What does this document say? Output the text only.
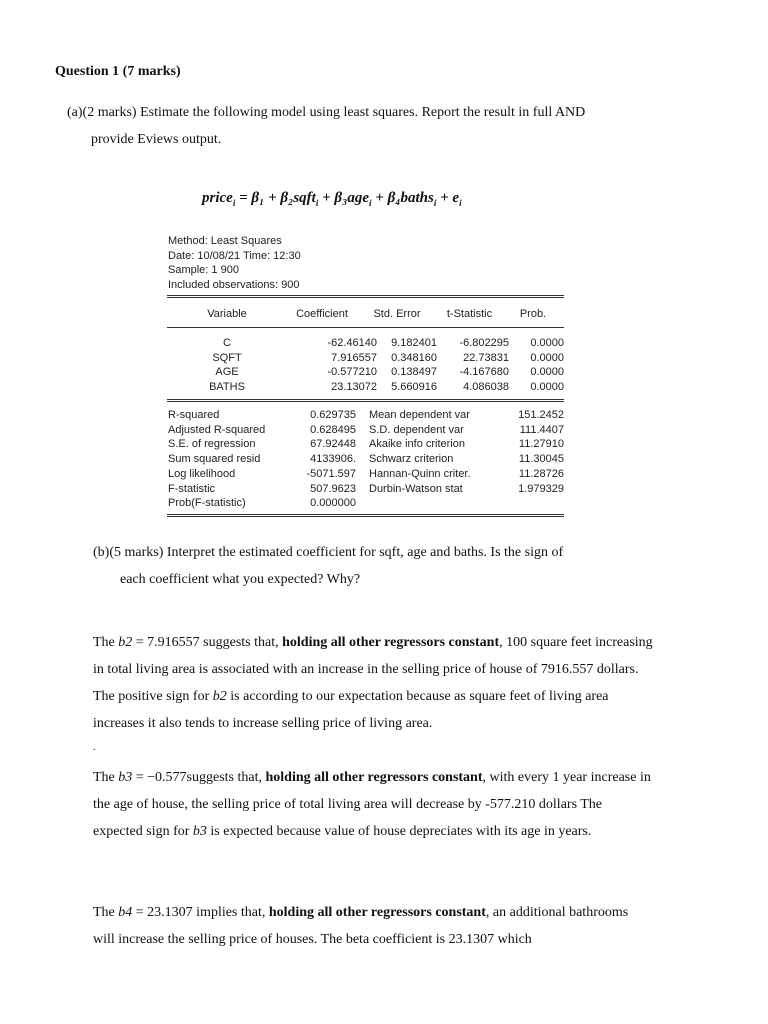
Question 1 (7 marks)
(a)(2 marks) Estimate the following model using least squares. Report the result in full AND
provide Eviews output.
price$_i$ = β₁ + β₂sqft$_i$ + β₃age$_i$ + β₄baths$_i$ + $e_i$
Method: Least Squares
Date: 10/08/21 Time: 12:30
Sample: 1 900
Included observations: 900
Variable	Coefficient	Std. Error	t-Statistic	Prob.
C	-62.46140	9.182401	-6.802295	0.0000
SQFT	7.916557	0.348160	22.73831	0.0000
AGE	-0.577210	0.138497	-4.167680	0.0000
BATHS	23.13072	5.660916	4.086038	0.0000
R-squared	0.629735	Mean dependent var	151.2452
Adjusted R-squared	0.628495	S.D. dependent var	111.4407
S.E. of regression	67.92448	Akaike info criterion	11.27910
Sum squared resid	4133906.	Schwarz criterion	11.30045
Log likelihood	-5071.597	Hannan-Quinn criter.	11.28726
F-statistic	507.9623	Durbin-Watson stat	1.979329
Prob(F-statistic)	0.000000		
(b)(5 marks) Interpret the estimated coefficient for sqft, age and baths. Is the sign of
each coefficient what you expected? Why?
The b2 = 7.916557 suggests that, holding all other regressors constant, 100 square feet increasing in total living area is associated with an increase in the selling price of house of 7916.557 dollars. The positive sign for b2 is according to our expectation because as square feet of living area increases it also tends to increase selling price of living area.
.
The b3 = −0.577suggests that, holding all other regressors constant, with every 1 year increase in the age of house, the selling price of total living area will decrease by -577.210 dollars The expected sign for b3 is expected because value of house depreciates with its age in years.
The b4 = 23.1307 implies that, holding all other regressors constant, an additional bathrooms will increase the selling price of houses. The beta coefficient is 23.1307 which
